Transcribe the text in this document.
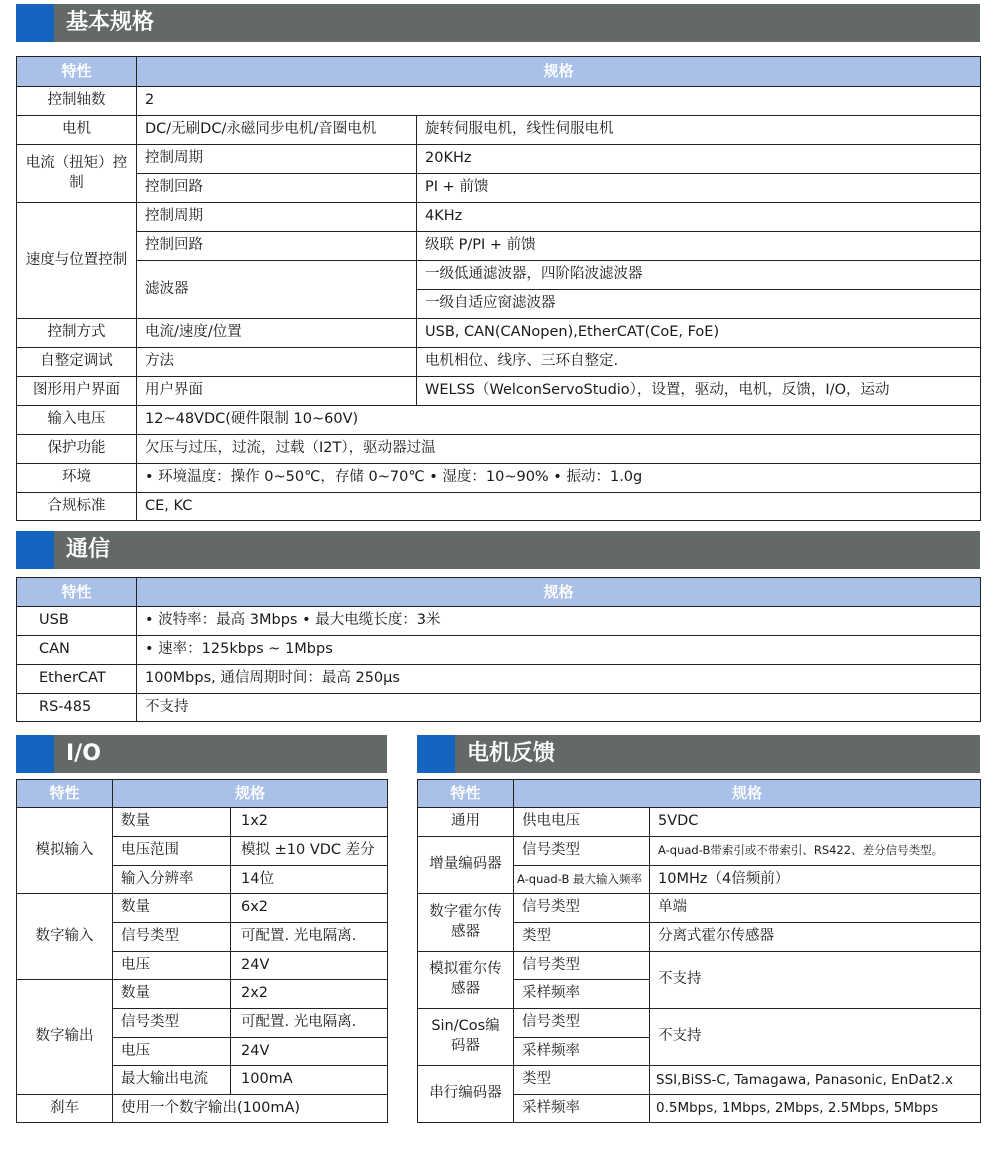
基本规格
特性	规格	
控制轴数	2	
电机	DC/无刷DC/永磁同步电机/音圈电机	旋转伺服电机，线性伺服电机
电流（扭矩）控制	控制周期	20KHz
	控制回路	PI + 前馈
速度与位置控制	控制周期	4KHz
	控制回路	级联 P/PI + 前馈
	滤波器	一级低通滤波器，四阶陷波滤波器
		一级自适应窗滤波器
控制方式	电流/速度/位置	USB, CAN(CANopen),EtherCAT(CoE, FoE)
自整定调试	方法	电机相位、线序、三环自整定.
图形用户界面	用户界面	WELSS（WelconServoStudio），设置，驱动，电机，反馈，I/O，运动
输入电压	12~48VDC(硬件限制 10~60V)	
保护功能	欠压与过压，过流，过载（I2T），驱动器过温	
环境	• 环境温度：操作 0~50℃，存储 0~70℃ • 湿度：10~90% • 振动：1.0g	
合规标准	CE, KC	
通信
特性	规格
USB	• 波特率：最高 3Mbps • 最大电缆长度：3米
CAN	• 速率：125kbps ~ 1Mbps
EtherCAT	100Mbps, 通信周期时间：最高 250μs
RS-485	不支持
I/O
特性	规格	
模拟输入	数量	1x2
	电压范围	模拟 ±10 VDC 差分
	输入分辨率	14位
数字输入	数量	6x2
	信号类型	可配置. 光电隔离.
	电压	24V
数字输出	数量	2x2
	信号类型	可配置. 光电隔离.
	电压	24V
	最大输出电流	100mA
刹车	使用一个数字输出(100mA)	
电机反馈
特性	规格	
通用	供电电压	5VDC
增量编码器	信号类型	A-quad-B带索引或不带索引、RS422、差分信号类型。
	A-quad-B 最大输入频率	10MHz（4倍频前）
数字霍尔传感器	信号类型	单端
	类型	分离式霍尔传感器
模拟霍尔传感器	信号类型	不支持
	采样频率	
Sin/Cos编码器	信号类型	不支持
	采样频率	
串行编码器	类型	SSI,BiSS-C, Tamagawa, Panasonic, EnDat2.x
	采样频率	0.5Mbps, 1Mbps, 2Mbps, 2.5Mbps, 5Mbps
